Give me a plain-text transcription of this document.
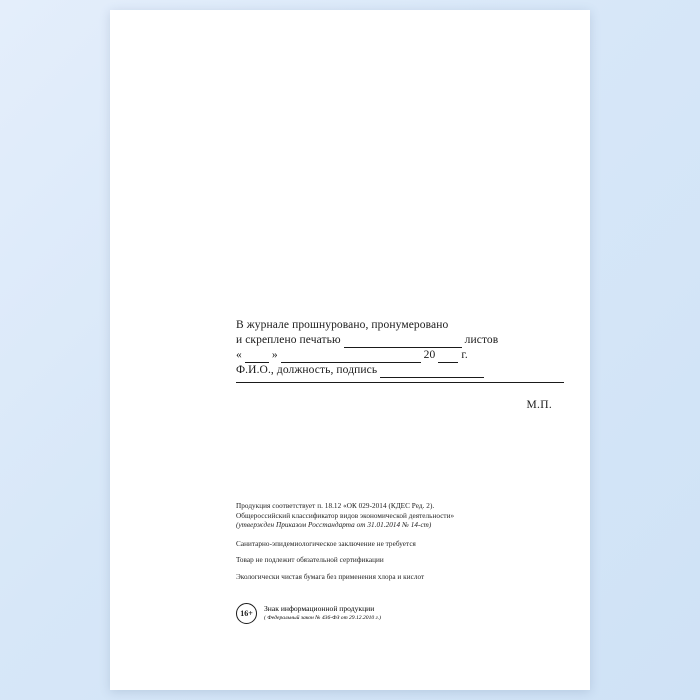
В журнале прошнуровано, пронумеровано
и скреплено печатью	листов
«	»	20 г.
Ф.И.О., должность, подпись
М.П.
Продукция соответствует п. 18.12 «ОК 029-2014 (КДЕС Ред. 2).
Общероссийский классификатор видов экономической деятельности»
(утвержден Приказом Росстандарта от 31.01.2014 № 14-ст)
Санитарно-эпидемиологическое заключение не требуется
Товар не подлежит обязательной сертификации
Экологически чистая бумага без применения хлора и кислот
16+
Знак информационной продукции
( Федеральный закон № 436-ФЗ от 29.12.2010 г.)
